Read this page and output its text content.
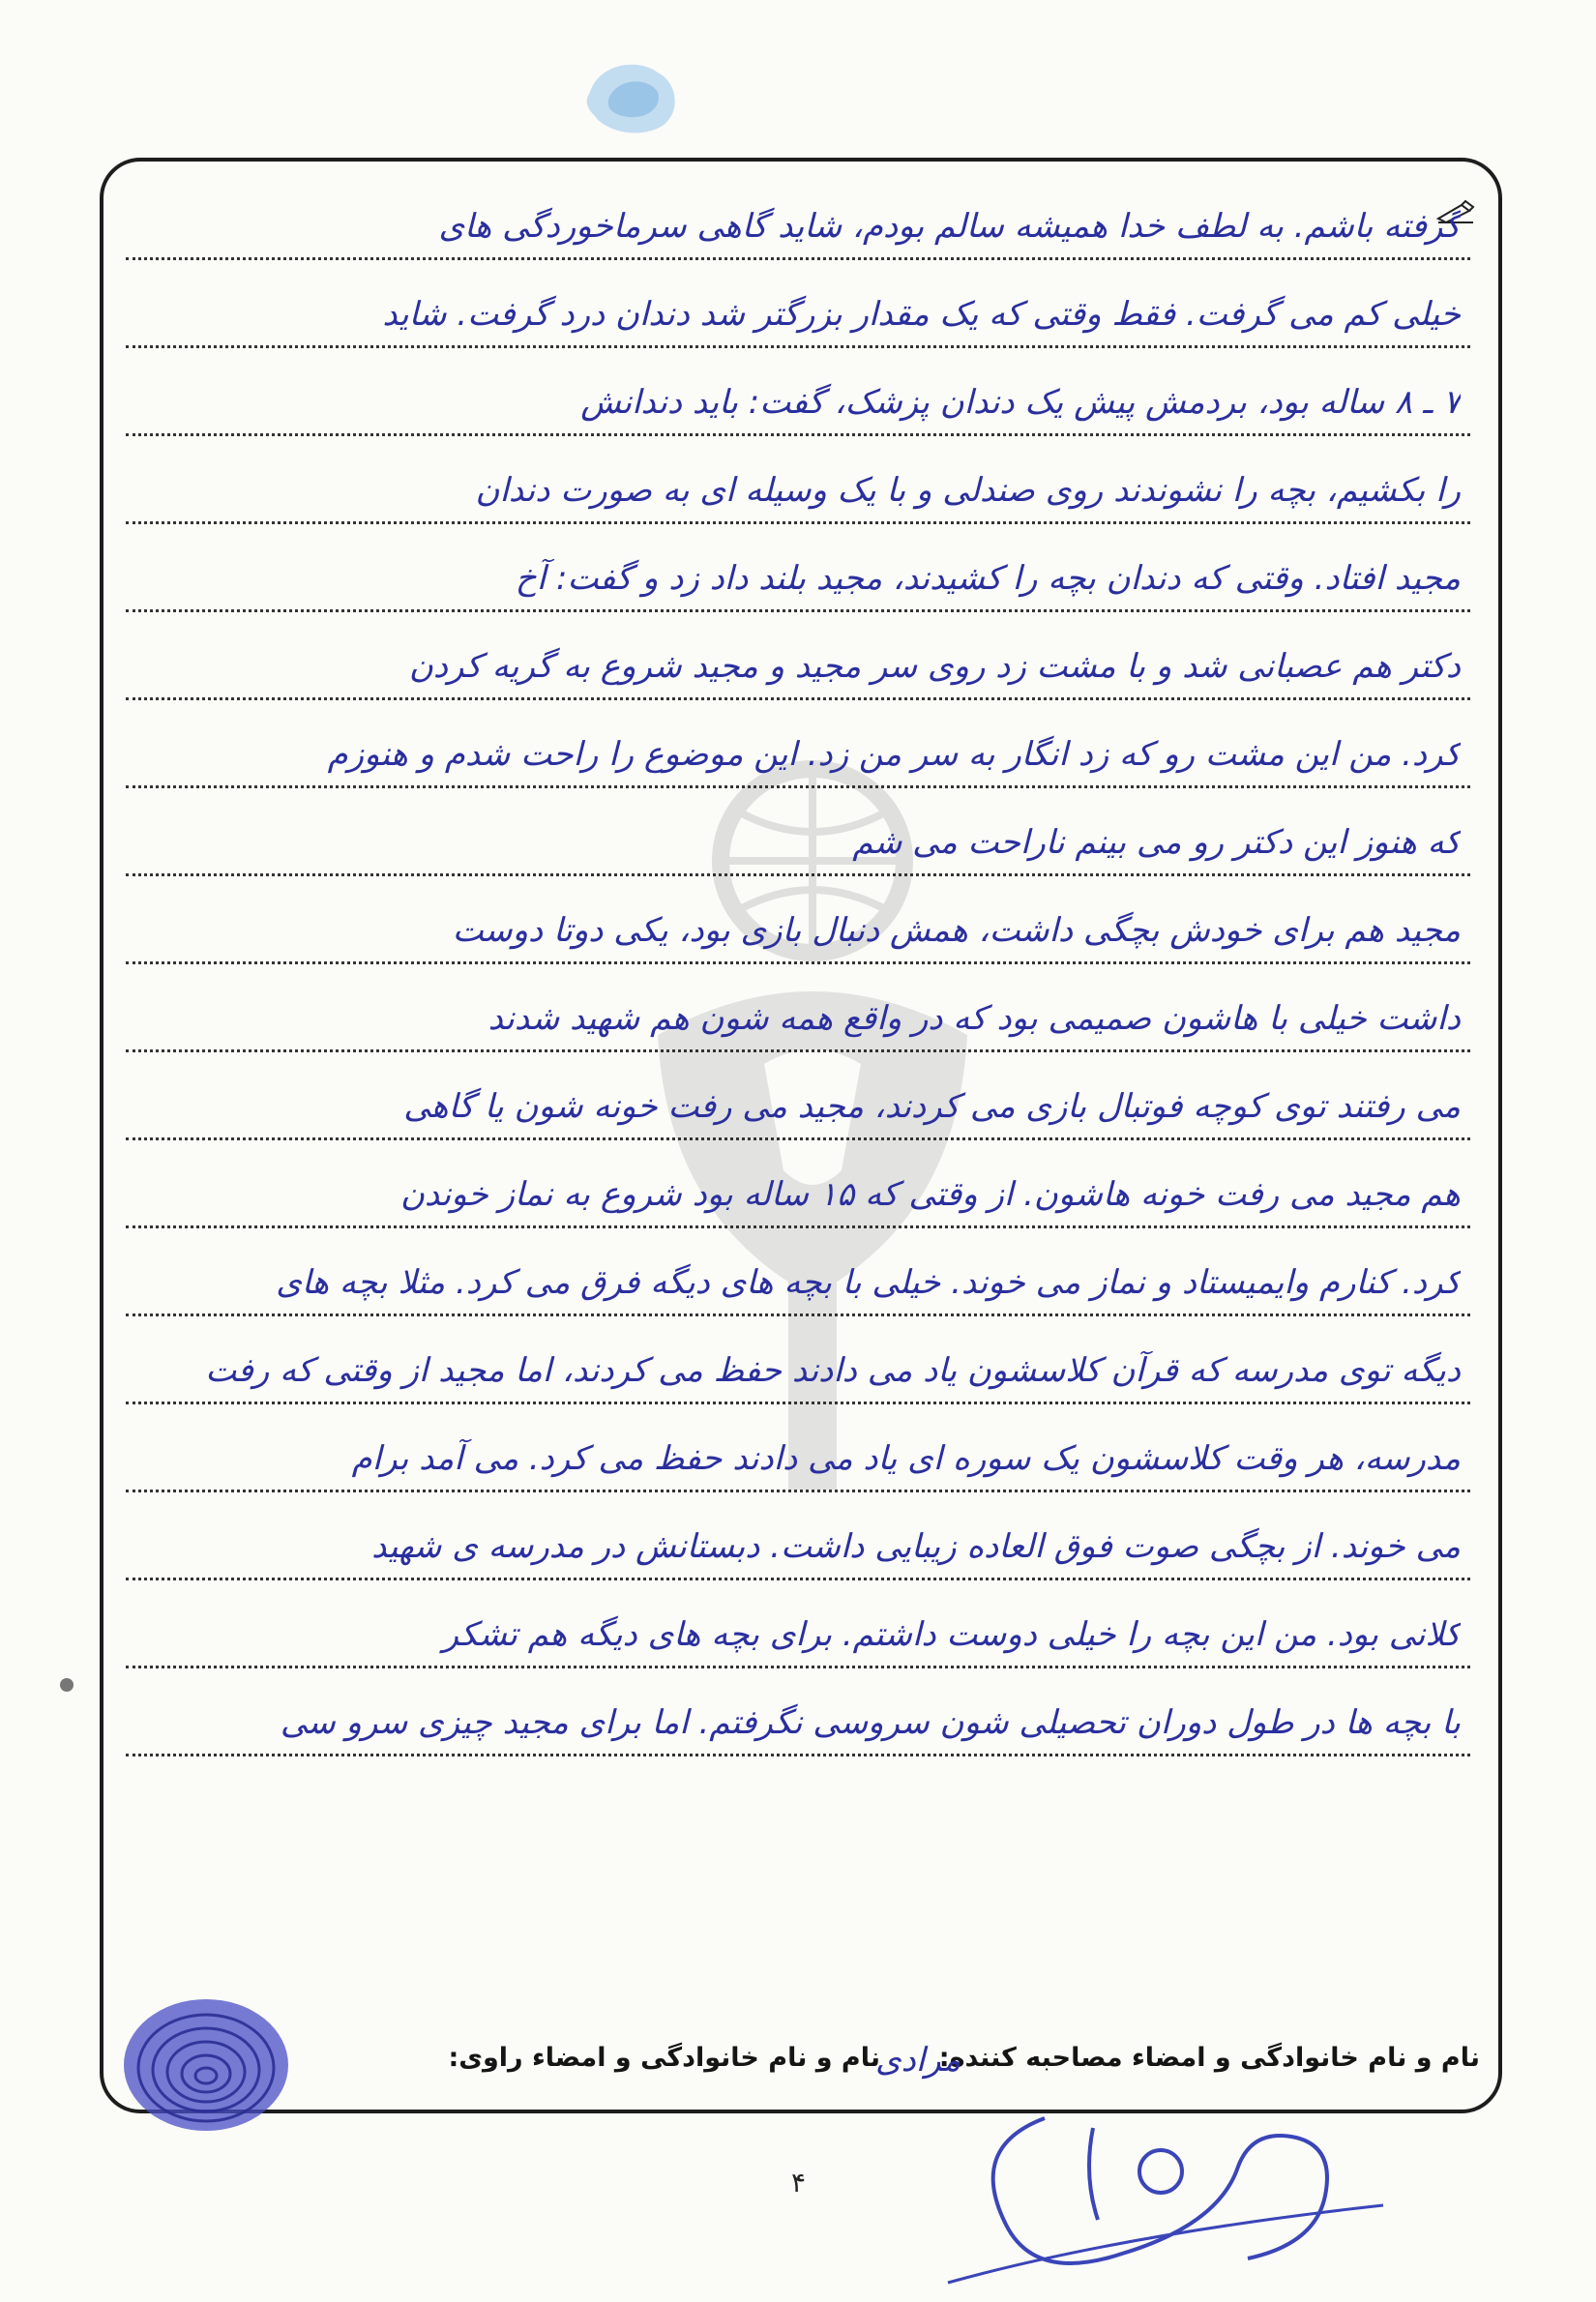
گرفته باشم. به لطف خدا همیشه سالم بودم، شاید گاهی سرماخوردگی های
خیلی کم می گرفت. فقط وقتی که یک مقدار بزرگتر شد دندان درد گرفت. شاید
۷ ـ ۸ ساله بود، بردمش پیش یک دندان پزشک، گفت: باید دندانش
را بکشیم، بچه را نشوندند روی صندلی و با یک وسیله ای به صورت دندان
مجید افتاد. وقتی که دندان بچه را کشیدند، مجید بلند داد زد و گفت: آخ
دکتر هم عصبانی شد و با مشت زد روی سر مجید و مجید شروع به گریه کردن
کرد. من این مشت رو که زد انگار به سر من زد. این موضوع را راحت شدم و هنوزم
که هنوز این دکتر رو می بینم ناراحت می شم
مجید هم برای خودش بچگی داشت، همش دنبال بازی بود، یکی دوتا دوست
داشت خیلی با هاشون صمیمی بود که در واقع همه شون هم شهید شدند
می رفتند توی کوچه فوتبال بازی می کردند، مجید می رفت خونه شون یا گاهی
هم مجید می رفت خونه هاشون. از وقتی که ۱۵ ساله بود شروع به نماز خوندن
کرد. کنارم وایمیستاد و نماز می خوند. خیلی با بچه های دیگه فرق می کرد. مثلا بچه های
دیگه توی مدرسه که قرآن کلاسشون یاد می دادند حفظ می کردند، اما مجید از وقتی که رفت
مدرسه، هر وقت کلاسشون یک سوره ای یاد می دادند حفظ می کرد. می آمد برام
می خوند. از بچگی صوت فوق العاده زیبایی داشت. دبستانش در مدرسه ی شهید
کلانی بود. من این بچه را خیلی دوست داشتم. برای بچه های دیگه هم تشکر
با بچه ها در طول دوران تحصیلی شون سروسی نگرفتم. اما برای مجید چیزی سرو سی
نام و نام خانوادگی و امضاء مصاحبه کننده:
نام و نام خانوادگی و امضاء راوی:
مرادی
۴
